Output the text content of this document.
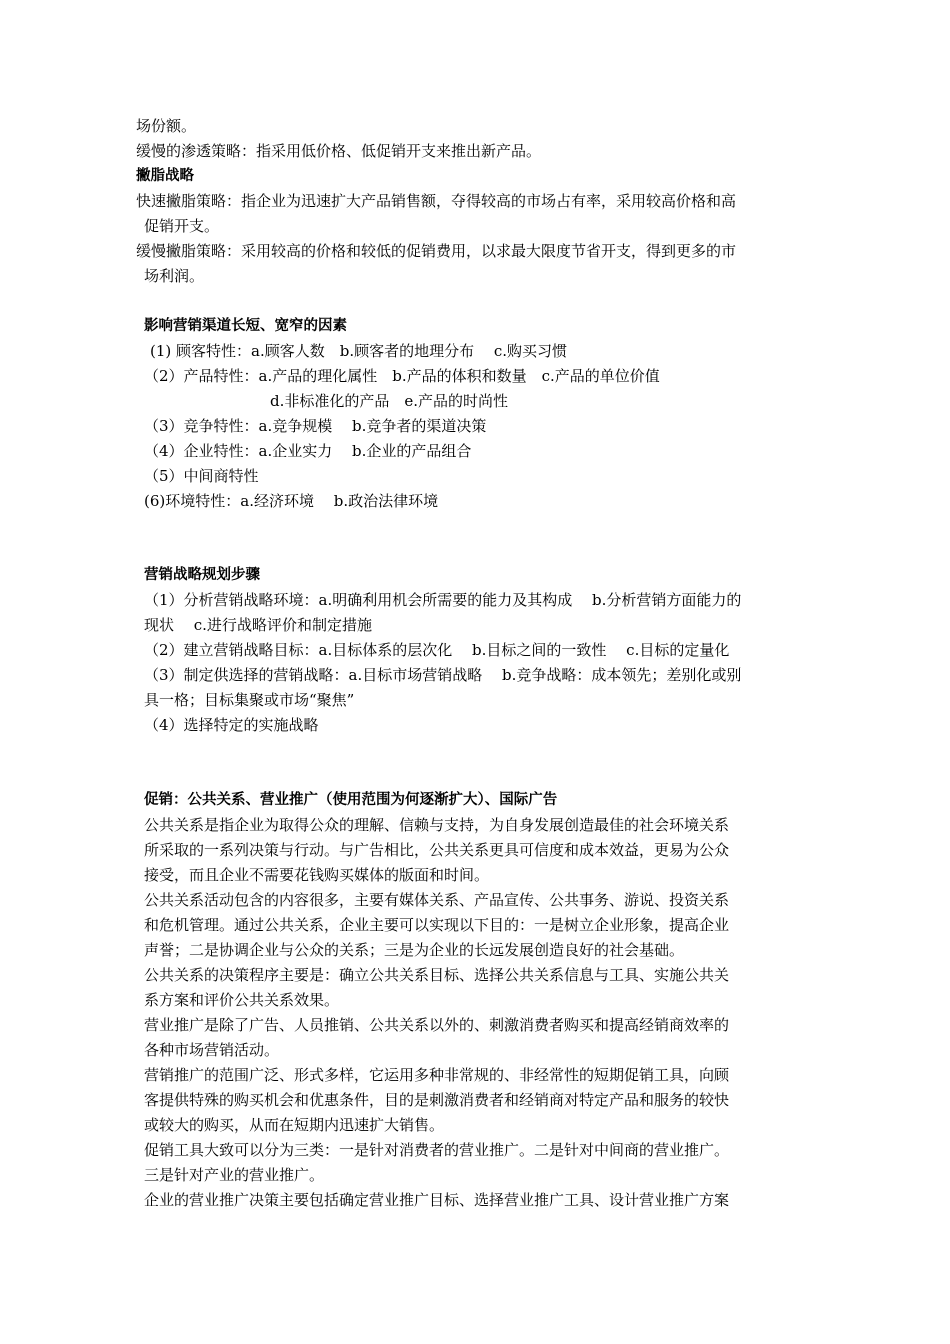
场份额。
缓慢的渗透策略：指采用低价格、低促销开支来推出新产品。
撇脂战略
快速撇脂策略：指企业为迅速扩大产品销售额，夺得较高的市场占有率，采用较高价格和高
促销开支。
缓慢撇脂策略：采用较高的价格和较低的促销费用，以求最大限度节省开支，得到更多的市
场利润。
影响营销渠道长短、宽窄的因素
(1) 顾客特性：a.顾客人数　b.顾客者的地理分布　 c.购买习惯
（2）产品特性：a.产品的理化属性　b.产品的体积和数量　c.产品的单位价值
d.非标准化的产品　e.产品的时尚性
（3）竞争特性：a.竞争规模　 b.竞争者的渠道决策
（4）企业特性：a.企业实力　 b.企业的产品组合
（5）中间商特性
(6)环境特性：a.经济环境　 b.政治法律环境
营销战略规划步骤
（1）分析营销战略环境：a.明确利用机会所需要的能力及其构成　 b.分析营销方面能力的
现状　 c.进行战略评价和制定措施
（2）建立营销战略目标：a.目标体系的层次化　 b.目标之间的一致性　 c.目标的定量化
（3）制定供选择的营销战略：a.目标市场营销战略　 b.竞争战略：成本领先；差别化或别
具一格；目标集聚或市场“聚焦”
（4）选择特定的实施战略
促销：公共关系、营业推广（使用范围为何逐渐扩大）、国际广告
公共关系是指企业为取得公众的理解、信赖与支持，为自身发展创造最佳的社会环境关系
所采取的一系列决策与行动。与广告相比，公共关系更具可信度和成本效益，更易为公众
接受，而且企业不需要花钱购买媒体的版面和时间。
公共关系活动包含的内容很多，主要有媒体关系、产品宣传、公共事务、游说、投资关系
和危机管理。通过公共关系，企业主要可以实现以下目的：一是树立企业形象，提高企业
声誉；二是协调企业与公众的关系；三是为企业的长远发展创造良好的社会基础。
公共关系的决策程序主要是：确立公共关系目标、选择公共关系信息与工具、实施公共关
系方案和评价公共关系效果。
营业推广是除了广告、人员推销、公共关系以外的、刺激消费者购买和提高经销商效率的
各种市场营销活动。
营销推广的范围广泛、形式多样，它运用多种非常规的、非经常性的短期促销工具，向顾
客提供特殊的购买机会和优惠条件，目的是刺激消费者和经销商对特定产品和服务的较快
或较大的购买，从而在短期内迅速扩大销售。
促销工具大致可以分为三类：一是针对消费者的营业推广。二是针对中间商的营业推广。
三是针对产业的营业推广。
企业的营业推广决策主要包括确定营业推广目标、选择营业推广工具、设计营业推广方案
